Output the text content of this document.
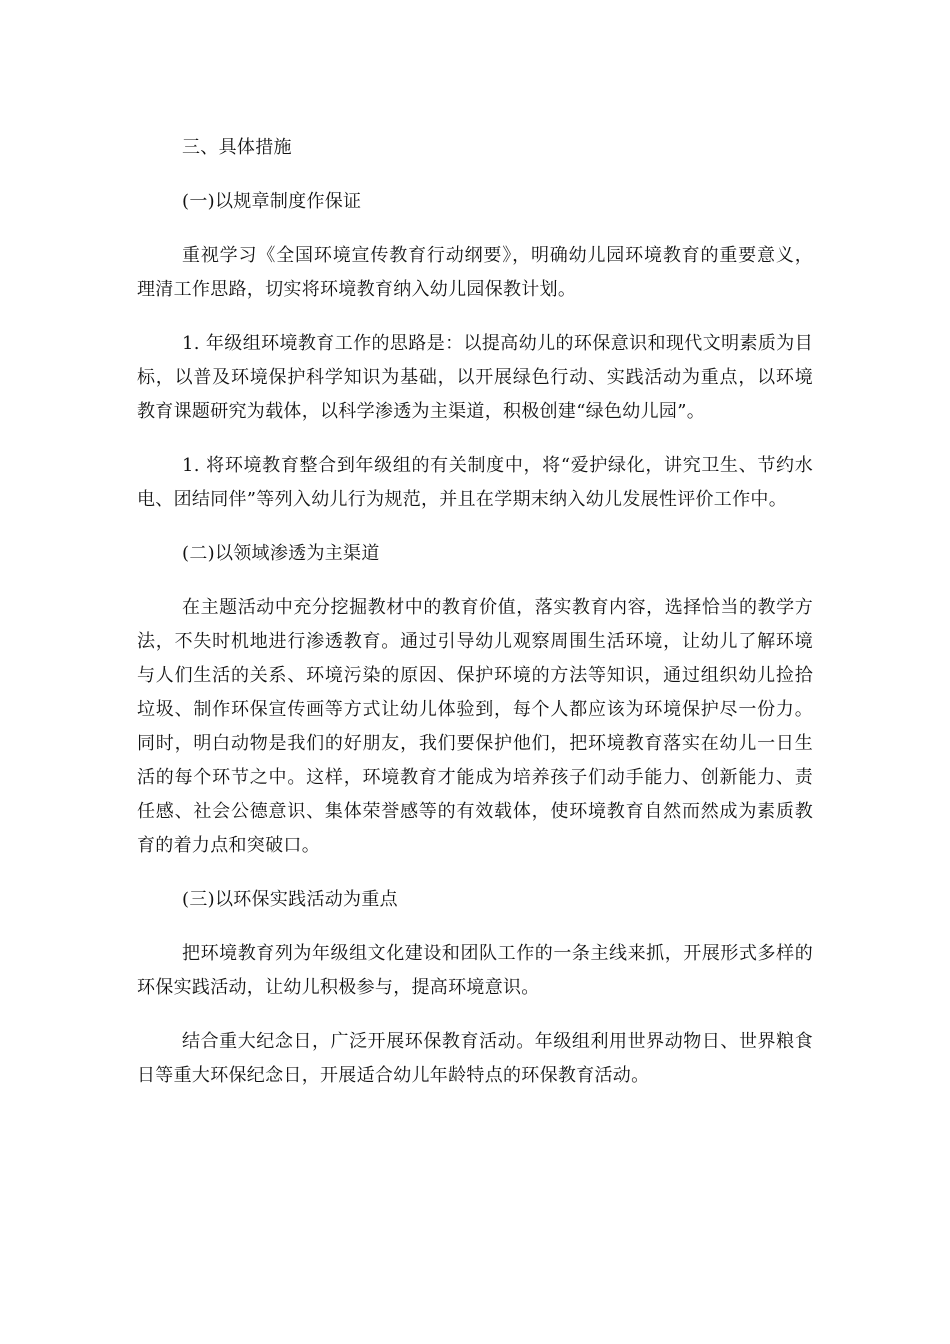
三、具体措施

(一)以规章制度作保证

重视学习《全国环境宣传教育行动纲要》，明确幼儿园环境教育的重要意义，理清工作思路，切实将环境教育纳入幼儿园保教计划。

1. 年级组环境教育工作的思路是：以提高幼儿的环保意识和现代文明素质为目标，以普及环境保护科学知识为基础，以开展绿色行动、实践活动为重点，以环境教育课题研究为载体，以科学渗透为主渠道，积极创建“绿色幼儿园”。

1. 将环境教育整合到年级组的有关制度中，将“爱护绿化，讲究卫生、节约水电、团结同伴”等列入幼儿行为规范，并且在学期末纳入幼儿发展性评价工作中。

(二)以领域渗透为主渠道

在主题活动中充分挖掘教材中的教育价值，落实教育内容，选择恰当的教学方法，不失时机地进行渗透教育。通过引导幼儿观察周围生活环境，让幼儿了解环境与人们生活的关系、环境污染的原因、保护环境的方法等知识，通过组织幼儿捡拾垃圾、制作环保宣传画等方式让幼儿体验到，每个人都应该为环境保护尽一份力。同时，明白动物是我们的好朋友，我们要保护他们，把环境教育落实在幼儿一日生活的每个环节之中。这样，环境教育才能成为培养孩子们动手能力、创新能力、责任感、社会公德意识、集体荣誉感等的有效载体，使环境教育自然而然成为素质教育的着力点和突破口。

(三)以环保实践活动为重点

把环境教育列为年级组文化建设和团队工作的一条主线来抓，开展形式多样的环保实践活动，让幼儿积极参与，提高环境意识。

结合重大纪念日，广泛开展环保教育活动。年级组利用世界动物日、世界粮食日等重大环保纪念日，开展适合幼儿年龄特点的环保教育活动。
